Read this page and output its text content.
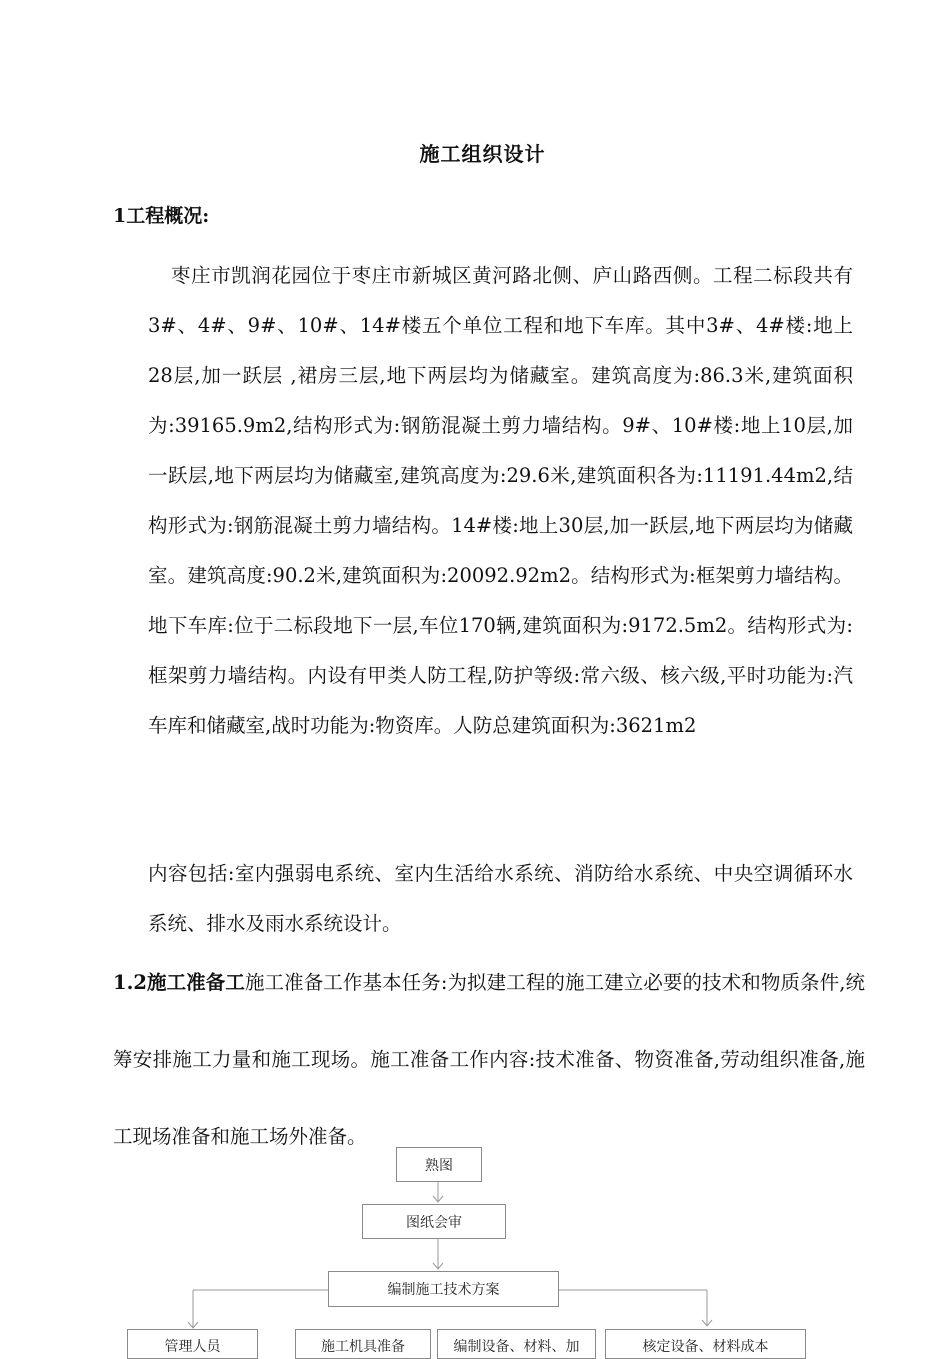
施工组织设计
1工程概况:

枣庄市凯润花园位于枣庄市新城区黄河路北侧、庐山路西侧。工程二标段共有3#、4#、9#、10#、14#楼五个单位工程和地下车库。其中3#、4#楼:地上28层,加一跃层 ,裙房三层,地下两层均为储藏室。建筑高度为:86.3米,建筑面积为:39165.9m2,结构形式为:钢筋混凝土剪力墙结构。9#、10#楼:地上10层,加一跃层,地下两层均为储藏室,建筑高度为:29.6米,建筑面积各为:11191.44m2,结构形式为:钢筋混凝土剪力墙结构。14#楼:地上30层,加一跃层,地下两层均为储藏室。建筑高度:90.2米,建筑面积为:20092.92m2。结构形式为:框架剪力墙结构。地下车库:位于二标段地下一层,车位170辆,建筑面积为:9172.5m2。结构形式为:框架剪力墙结构。内设有甲类人防工程,防护等级:常六级、核六级,平时功能为:汽车库和储藏室,战时功能为:物资库。人防总建筑面积为:3621m2

内容包括:室内强弱电系统、室内生活给水系统、消防给水系统、中央空调循环水系统、排水及雨水系统设计。

1.2施工准备工施工准备工作基本任务:为拟建工程的施工建立必要的技术和物质条件,统筹安排施工力量和施工现场。施工准备工作内容:技术准备、物资准备,劳动组织准备,施工现场准备和施工场外准备。

熟图
图纸会审
编制施工技术方案
管理人员	施工机具准备	编制设备、材料、加	核定设备、材料成本
